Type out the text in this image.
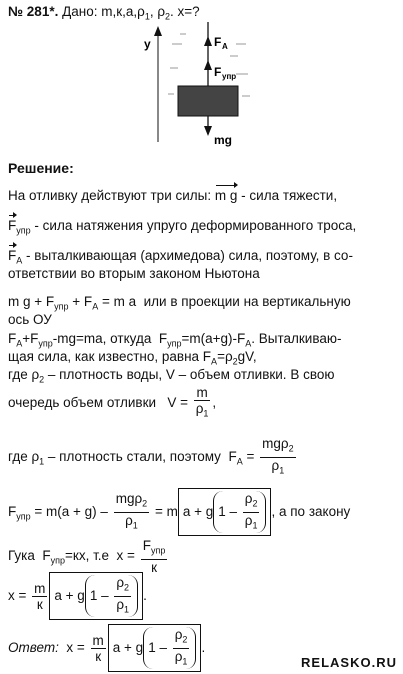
№ 281*. Дано: $m,к,а,\rho_1$, $\rho_2$. x=?
y	F A
F упр
mg
Решение:
На отливку действуют три силы: m g - сила тяжести,
$F_{упр}$ - сила натяжения упруго деформированного троса,
$F_A$ - выталкивающая (архимедова) сила, поэтому, в со-
ответствии во вторым законом Ньютона
m $g + F_{упр} + F_A = m$ a или в проекции на вертикальную
ось ОУ
$F_A+F_{упр}-mg=ma$, откуда $F_{упр}=m(a+g)-F_A$. Выталкиваю-
щая сила, как известно, равна $F_A=\rho_2gV$,
где $\rho_2$ – плотность воды, V – объем отливки. В свою
очередь объем отливки $V = \frac{m}{\rho_1}$ ,
где $\rho_1$ – плотность стали, поэтому $F_A = \frac{mg\rho_2}{\rho_1}$
$F_{упр} = m(a + g) - \frac{mg\rho_2}{\rho_1} = m$ a + g $1 - \frac{\rho_2}{\rho_1}$ , а по закону
Гука $F_{упр}=кх$, т.е $x = \frac{F_{упр}}{к}$
$x = \frac{m}{к}$ a + g $1 - \frac{\rho_2}{\rho_1}$ .
Ответ: $x = \frac{m}{к}$ a + g $1 - \frac{\rho_2}{\rho_1}$ .
RELASKO.RU
